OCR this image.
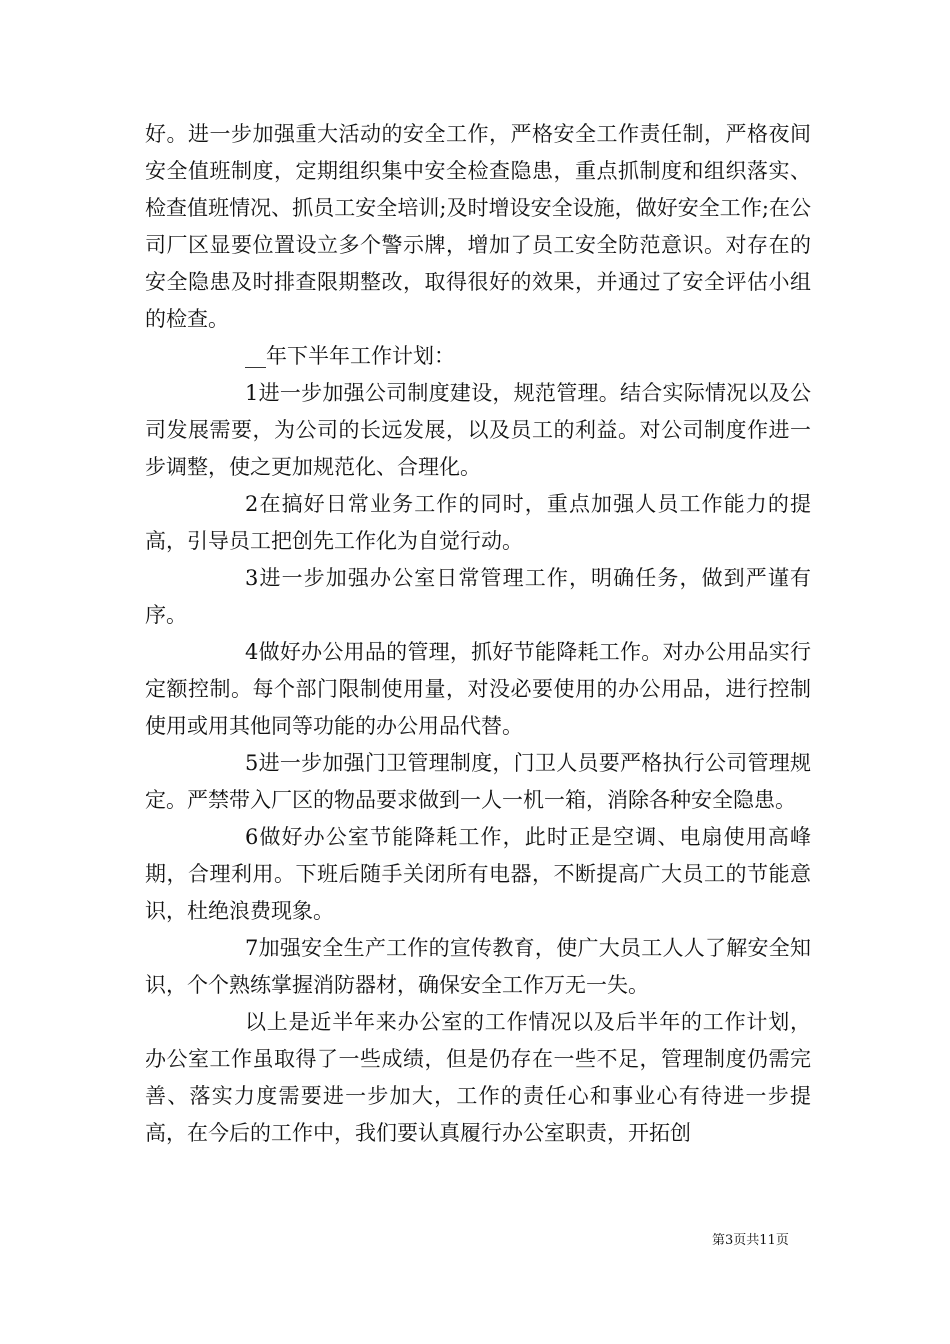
好。进一步加强重大活动的安全工作，严格安全工作责任制，严格夜间安全值班制度，定期组织集中安全检查隐患，重点抓制度和组织落实、检查值班情况、抓员工安全培训;及时增设安全设施，做好安全工作;在公司厂区显要位置设立多个警示牌，增加了员工安全防范意识。对存在的安全隐患及时排查限期整改，取得很好的效果，并通过了安全评估小组的检查。

__年下半年工作计划：

1进一步加强公司制度建设，规范管理。结合实际情况以及公司发展需要，为公司的长远发展，以及员工的利益。对公司制度作进一步调整，使之更加规范化、合理化。

2在搞好日常业务工作的同时，重点加强人员工作能力的提高，引导员工把创先工作化为自觉行动。

3进一步加强办公室日常管理工作，明确任务，做到严谨有序。

4做好办公用品的管理，抓好节能降耗工作。对办公用品实行定额控制。每个部门限制使用量，对没必要使用的办公用品，进行控制使用或用其他同等功能的办公用品代替。

5进一步加强门卫管理制度，门卫人员要严格执行公司管理规定。严禁带入厂区的物品要求做到一人一机一箱，消除各种安全隐患。

6做好办公室节能降耗工作，此时正是空调、电扇使用高峰期，合理利用。下班后随手关闭所有电器，不断提高广大员工的节能意识，杜绝浪费现象。

7加强安全生产工作的宣传教育，使广大员工人人了解安全知识，个个熟练掌握消防器材，确保安全工作万无一失。

以上是近半年来办公室的工作情况以及后半年的工作计划，办公室工作虽取得了一些成绩，但是仍存在一些不足，管理制度仍需完善、落实力度需要进一步加大，工作的责任心和事业心有待进一步提高，在今后的工作中，我们要认真履行办公室职责，开拓创

第3页共11页
